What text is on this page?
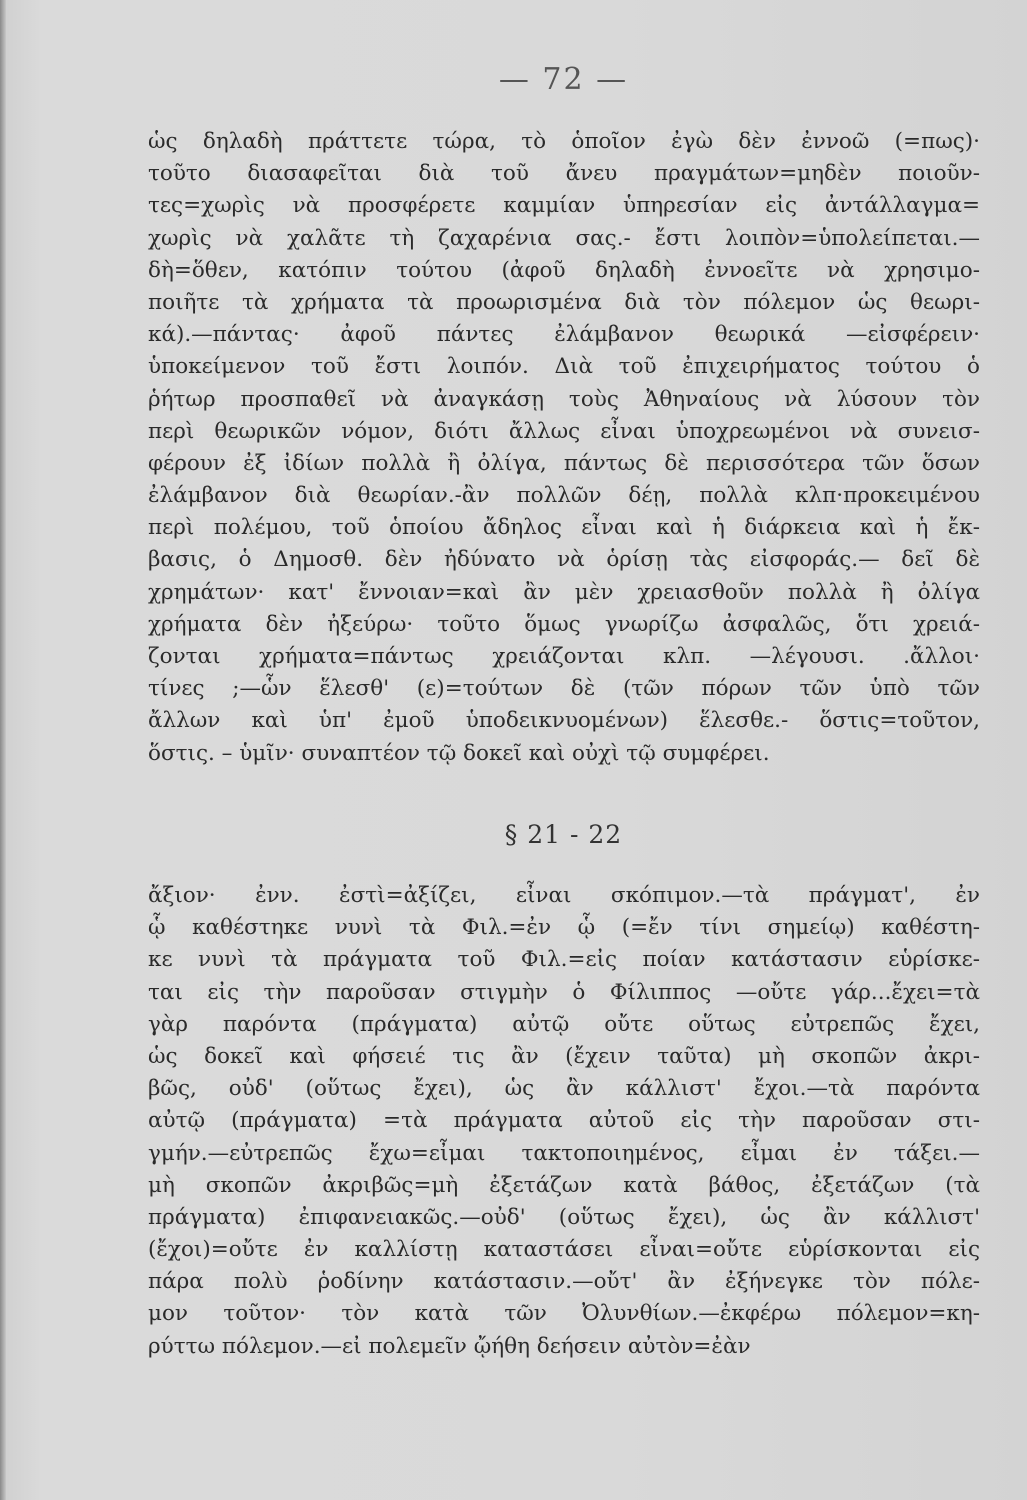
— 72 —
ὡς δηλαδὴ πράττετε τώρα, τὸ ὁποῖον ἐγὼ δὲν ἐννοῶ (=πως)·
τοῦτο διασαφεῖται διὰ τοῦ ἄνευ πραγμάτων=μηδὲν ποιοῦν-
τες=χωρὶς νὰ προσφέρετε καμμίαν ὑπηρεσίαν εἰς ἀντάλλαγμα=
χωρὶς νὰ χαλᾶτε τὴ ζαχαρένια σας.- ἔστι λοιπὸν=ὑπολείπεται.—
δὴ=ὅθεν, κατόπιν τούτου (ἀφοῦ δηλαδὴ ἐννοεῖτε νὰ χρησιμο-
ποιῆτε τὰ χρήματα τὰ προωρισμένα διὰ τὸν πόλεμον ὡς θεωρι-
κά).—πάντας· ἀφοῦ πάντες ἐλάμβανον θεωρικά —εἰσφέρειν·
ὑποκείμενον τοῦ ἔστι λοιπόν. Διὰ τοῦ ἐπιχειρήματος τούτου ὁ
ῥήτωρ προσπαθεῖ νὰ ἀναγκάσῃ τοὺς Ἀθηναίους νὰ λύσουν τὸν
περὶ θεωρικῶν νόμον, διότι ἄλλως εἶναι ὑποχρεωμένοι νὰ συνεισ-
φέρουν ἐξ ἰδίων πολλὰ ἢ ὀλίγα, πάντως δὲ περισσότερα τῶν ὅσων
ἐλάμβανον διὰ θεωρίαν.-ἂν πολλῶν δέῃ, πολλὰ κλπ·προκειμένου
περὶ πολέμου, τοῦ ὁποίου ἄδηλος εἶναι καὶ ἡ διάρκεια καὶ ἡ ἔκ-
βασις, ὁ Δημοσθ. δὲν ἠδύνατο νὰ ὁρίσῃ τὰς εἰσφοράς.— δεῖ δὲ
χρημάτων· κατ' ἔννοιαν=καὶ ἂν μὲν χρειασθοῦν πολλὰ ἢ ὀλίγα
χρήματα δὲν ἠξεύρω· τοῦτο ὅμως γνωρίζω ἀσφαλῶς, ὅτι χρειά-
ζονται χρήματα=πάντως χρειάζονται κλπ. —λέγουσι. .ἄλλοι·
τίνες ;—ὧν ἕλεσθ' (ε)=τούτων δὲ (τῶν πόρων τῶν ὑπὸ τῶν
ἄλλων καὶ ὑπ' ἐμοῦ ὑποδεικνυομένων) ἕλεσθε.- ὅστις=τοῦτον,
ὅστις. – ὑμῖν· συναπτέον τῷ δοκεῖ καὶ οὐχὶ τῷ συμφέρει.
§ 21 - 22
ἄξιον· ἐνν. ἐστὶ=ἀξίζει, εἶναι σκόπιμον.—τὰ πράγματ', ἐν
ᾧ καθέστηκε νυνὶ τὰ Φιλ.=ἐν ᾧ (=ἔν τίνι σημείῳ) καθέστη-
κε νυνὶ τὰ πράγματα τοῦ Φιλ.=εἰς ποίαν κατάστασιν εὑρίσκε-
ται εἰς τὴν παροῦσαν στιγμὴν ὁ Φίλιππος —οὔτε γάρ...ἔχει=τὰ
γὰρ παρόντα (πράγματα) αὐτῷ οὔτε οὕτως εὐτρεπῶς ἔχει,
ὡς δοκεῖ καὶ φήσειέ τις ἂν (ἔχειν ταῦτα) μὴ σκοπῶν ἀκρι-
βῶς, οὐδ' (οὕτως ἔχει), ὡς ἂν κάλλιστ' ἔχοι.—τὰ παρόντα
αὐτῷ (πράγματα) =τὰ πράγματα αὐτοῦ εἰς τὴν παροῦσαν στι-
γμήν.—εὐτρεπῶς ἔχω=εἶμαι τακτοποιημένος, εἶμαι ἐν τάξει.—
μὴ σκοπῶν ἀκριβῶς=μὴ ἐξετάζων κατὰ βάθος, ἐξετάζων (τὰ
πράγματα) ἐπιφανειακῶς.—οὐδ' (οὕτως ἔχει), ὡς ἂν κάλλιστ'
(ἔχοι)=οὔτε ἐν καλλίστῃ καταστάσει εἶναι=οὔτε εὑρίσκονται εἰς
πάρα πολὺ ῥοδίνην κατάστασιν.—οὔτ' ἂν ἐξήνεγκε τὸν πόλε-
μον τοῦτον· τὸν κατὰ τῶν Ὀλυνθίων.—ἐκφέρω πόλεμον=κη-
ρύττω πόλεμον.—εἰ πολεμεῖν ᾤήθη δεήσειν αὐτὸν=ἐὰν
